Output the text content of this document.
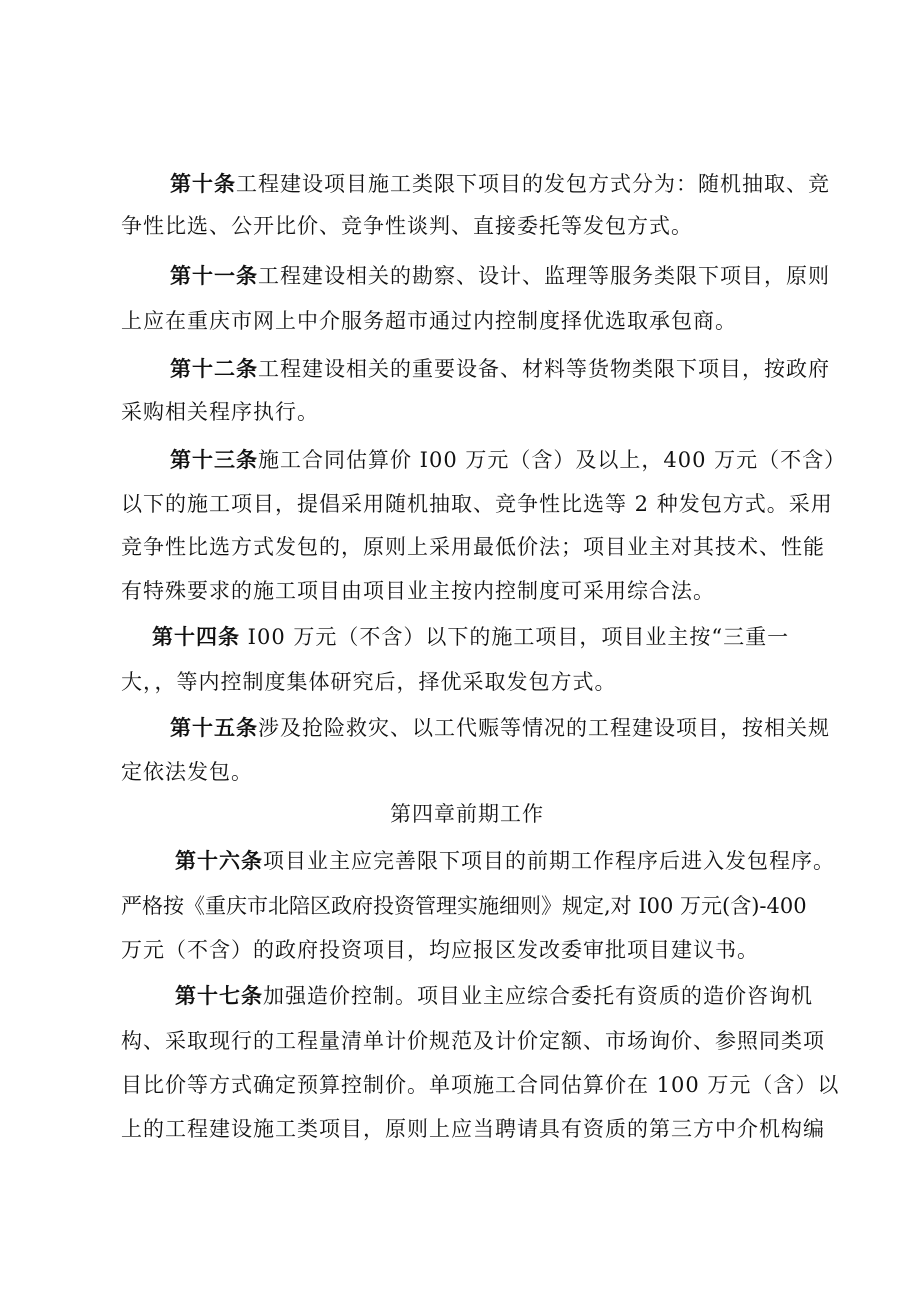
第十条工程建设项目施工类限下项目的发包方式分为：随机抽取、竞
争性比选、公开比价、竞争性谈判、直接委托等发包方式。
第十一条工程建设相关的勘察、设计、监理等服务类限下项目，原则
上应在重庆市网上中介服务超市通过内控制度择优选取承包商。
第十二条工程建设相关的重要设备、材料等货物类限下项目，按政府
采购相关程序执行。
第十三条施工合同估算价 I00 万元（含）及以上，400 万元（不含）
以下的施工项目，提倡采用随机抽取、竞争性比选等 2 种发包方式。采用
竞争性比选方式发包的，原则上采用最低价法；项目业主对其技术、性能
有特殊要求的施工项目由项目业主按内控制度可采用综合法。
第十四条 I00 万元（不含）以下的施工项目，项目业主按“三重一
大，，等内控制度集体研究后，择优采取发包方式。
第十五条涉及抢险救灾、以工代赈等情况的工程建设项目，按相关规
定依法发包。
第四章前期工作
第十六条项目业主应完善限下项目的前期工作程序后进入发包程序。
严格按《重庆市北陪区政府投资管理实施细则》规定,对 I00 万元(含)-400
万元（不含）的政府投资项目，均应报区发改委审批项目建议书。
第十七条加强造价控制。项目业主应综合委托有资质的造价咨询机
构、采取现行的工程量清单计价规范及计价定额、市场询价、参照同类项
目比价等方式确定预算控制价。单项施工合同估算价在 100 万元（含）以
上的工程建设施工类项目，原则上应当聘请具有资质的第三方中介机构编
